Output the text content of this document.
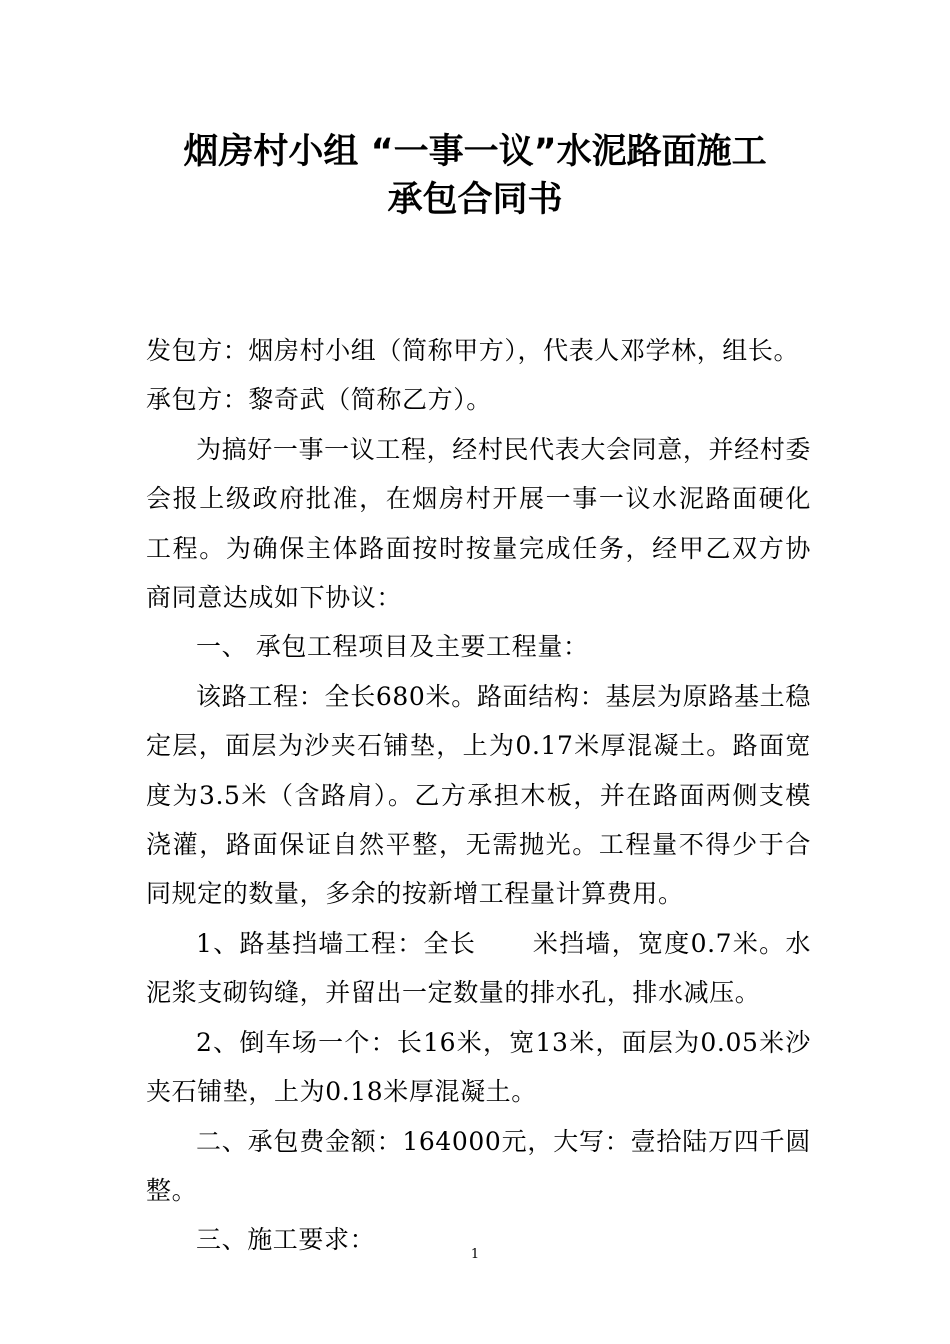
烟房村小组 “一事一议”水泥路面施工
承包合同书

发包方：烟房村小组（简称甲方），代表人邓学林，组长。

承包方：黎奇武（简称乙方）。

为搞好一事一议工程，经村民代表大会同意，并经村委会报上级政府批准，在烟房村开展一事一议水泥路面硬化工程。为确保主体路面按时按量完成任务，经甲乙双方协商同意达成如下协议：

一、 承包工程项目及主要工程量：

该路工程：全长680米。路面结构：基层为原路基土稳定层，面层为沙夹石铺垫，上为0.17米厚混凝土。路面宽度为3.5米（含路肩）。乙方承担木板，并在路面两侧支模浇灌，路面保证自然平整，无需抛光。工程量不得少于合同规定的数量，多余的按新增工程量计算费用。

1、路基挡墙工程：全长 米挡墙，宽度0.7米。水泥浆支砌钩缝，并留出一定数量的排水孔，排水减压。

2、倒车场一个：长16米，宽13米，面层为0.05米沙夹石铺垫，上为0.18米厚混凝土。

二、承包费金额：164000元，大写：壹拾陆万四千圆整。

三、施工要求：

1
